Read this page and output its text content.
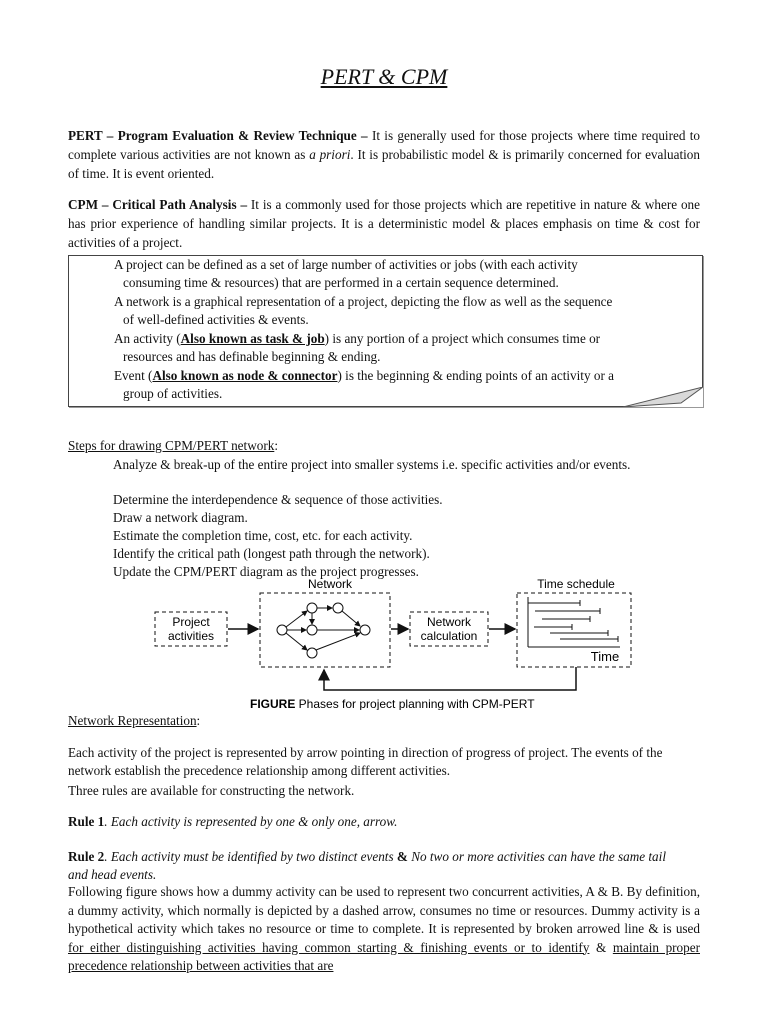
PERT & CPM

PERT – Program Evaluation & Review Technique – It is generally used for those projects where time required to complete various activities are not known as a priori. It is probabilistic model & is primarily concerned for evaluation of time. It is event oriented.

CPM – Critical Path Analysis – It is a commonly used for those projects which are repetitive in nature & where one has prior experience of handling similar projects. It is a deterministic model & places emphasis on time & cost for activities of a project.

A project can be defined as a set of large number of activities or jobs (with each activity
consuming time & resources) that are performed in a certain sequence determined.
A network is a graphical representation of a project, depicting the flow as well as the sequence
of well-defined activities & events.
An activity (Also known as task & job) is any portion of a project which consumes time or
resources and has definable beginning & ending.
Event (Also known as node & connector) is the beginning & ending points of an activity or a
group of activities.
Steps for drawing CPM/PERT network:
Analyze & break-up of the entire project into smaller systems i.e. specific activities and/or events.
Determine the interdependence & sequence of those activities.
Draw a network diagram.
Estimate the completion time, cost, etc. for each activity.
Identify the critical path (longest path through the network).
Update the CPM/PERT diagram as the project progresses.
Project
activities
Network
Network
calculation
Time schedule
Time
FIGURE Phases for project planning with CPM-PERT
Network Representation:

Each activity of the project is represented by arrow pointing in direction of progress of project. The events of the network establish the precedence relationship among different activities.

Three rules are available for constructing the network.

Rule 1. Each activity is represented by one & only one, arrow.

Rule 2. Each activity must be identified by two distinct events & No two or more activities can have the same tail and head events.

Following figure shows how a dummy activity can be used to represent two concurrent activities, A & B. By definition, a dummy activity, which normally is depicted by a dashed arrow, consumes no time or resources. Dummy activity is a hypothetical activity which takes no resource or time to complete. It is represented by broken arrowed line & is used for either distinguishing activities having common starting & finishing events or to identify & maintain proper precedence relationship between activities that are
